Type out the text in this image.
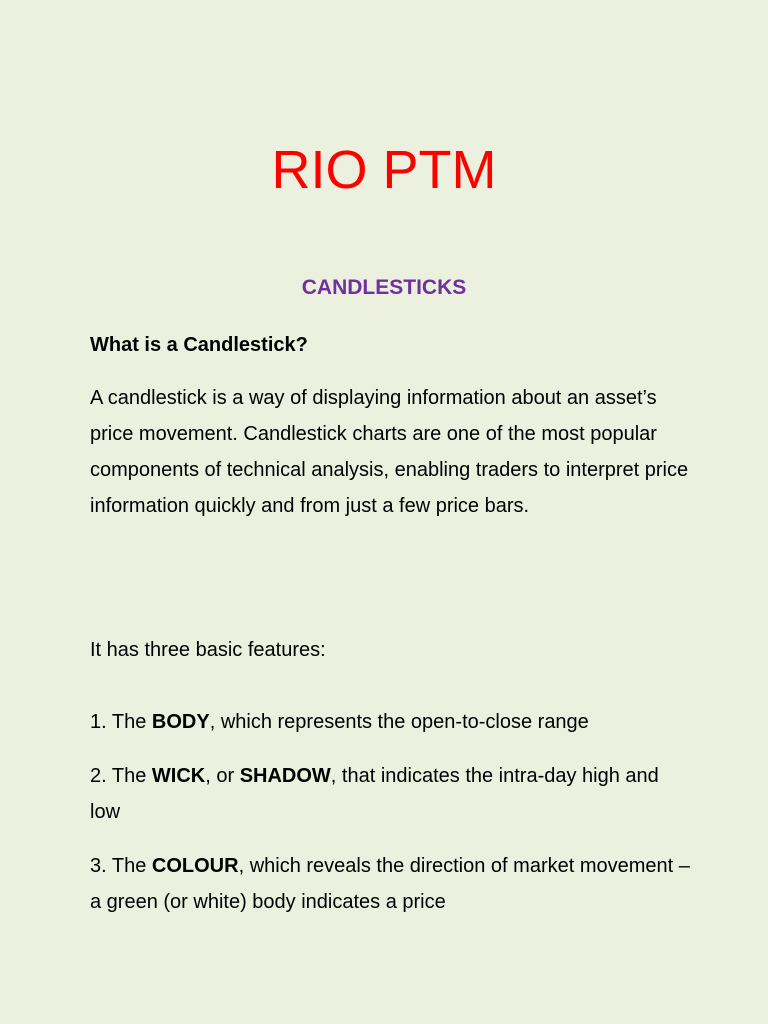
RIO PTM
CANDLESTICKS

What is a Candlestick?

A candlestick is a way of displaying information about an asset’s price movement. Candlestick charts are one of the most popular components of technical analysis, enabling traders to interpret price information quickly and from just a few price bars.

It has three basic features:

1. The BODY, which represents the open-to-close range

2. The WICK, or SHADOW, that indicates the intra-day high and low

3. The COLOUR, which reveals the direction of market movement – a green (or white) body indicates a price
